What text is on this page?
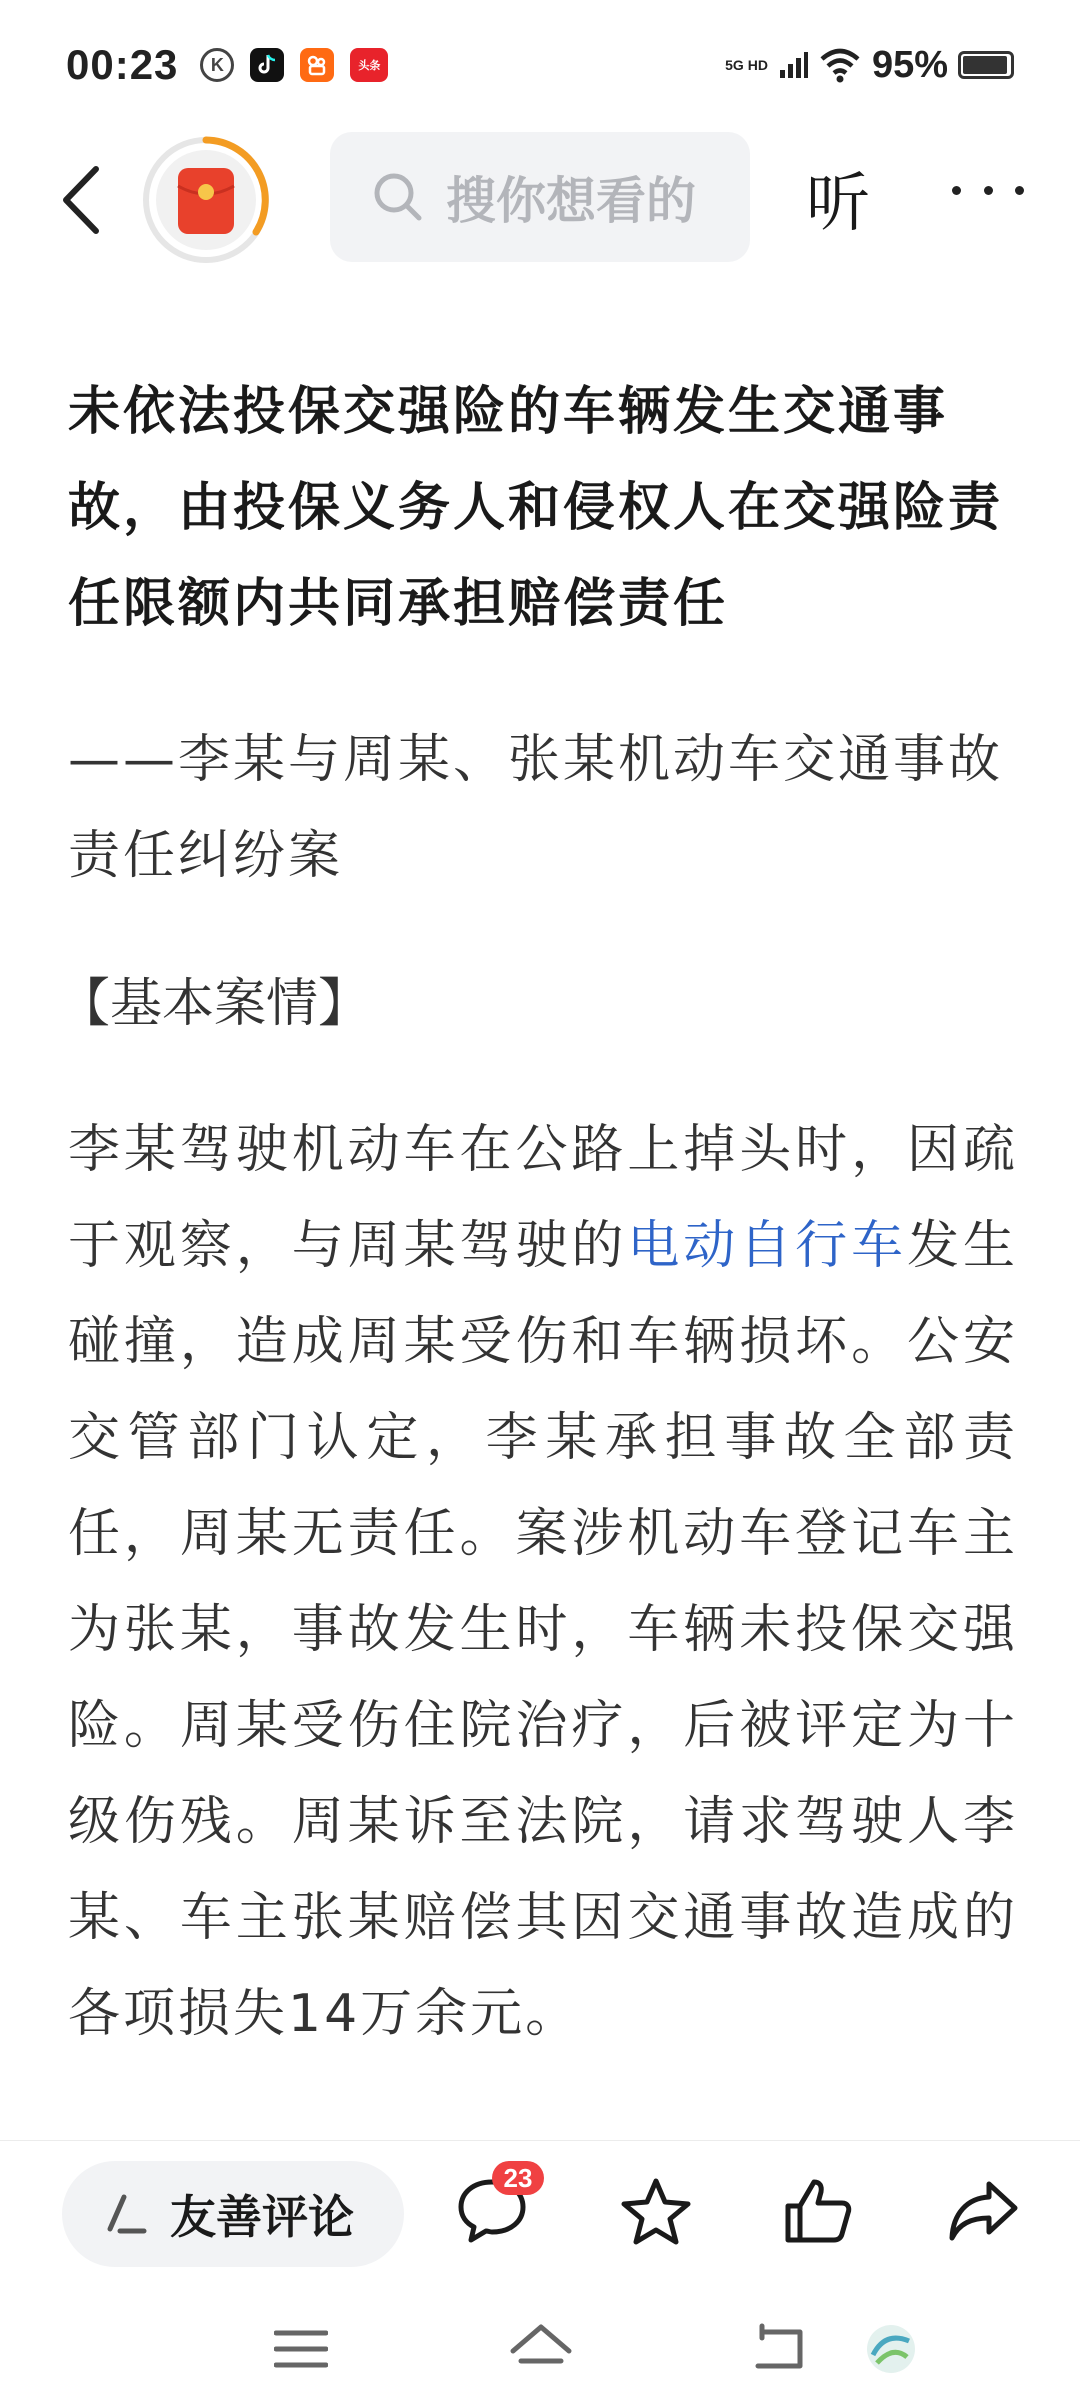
00:23	K	头条	5G HD	95%
搜你想看的 听
未依法投保交强险的车辆发生交通事故，由投保义务人和侵权人在交强险责任限额内共同承担赔偿责任
——李某与周某、张某机动车交通事故责任纠纷案
【基本案情】
李某驾驶机动车在公路上掉头时，因疏于观察，与周某驾驶的电动自行车发生碰撞，造成周某受伤和车辆损坏。公安交管部门认定，李某承担事故全部责任，周某无责任。案涉机动车登记车主为张某，事故发生时，车辆未投保交强险。周某受伤住院治疗，后被评定为十级伤残。周某诉至法院，请求驾驶人李某、车主张某赔偿其因交通事故造成的各项损失14万余元。
友善评论
23
